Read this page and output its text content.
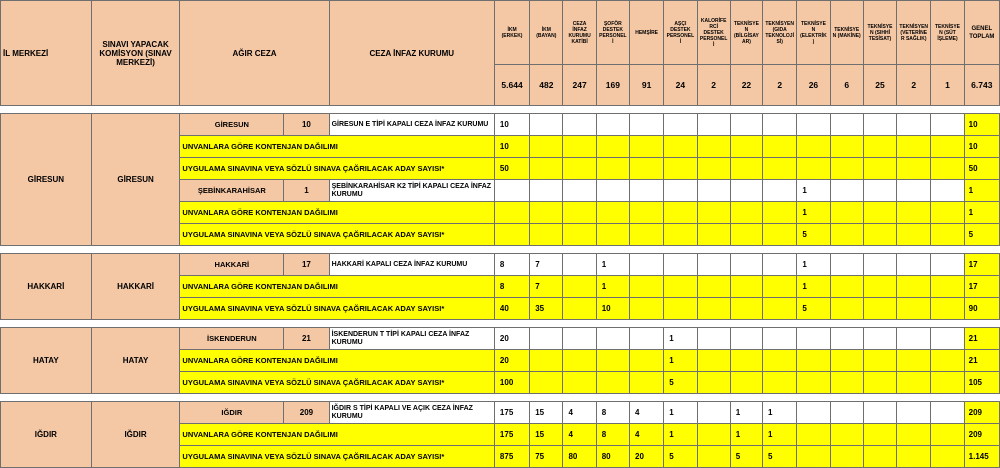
İL MERKEZİ	SINAVI YAPACAK KOMİSYON (SINAV MERKEZİ)	AĞIR CEZA		CEZA İNFAZ KURUMU	İKM (ERKEK)	İKM (BAYAN)	CEZA İNFAZ KURUMU KATİBİ	ŞOFÖR DESTEK PERSONELİ	HEMŞİRE	AŞÇI DESTEK PERSONELİ	KALORİFERCİ DESTEK PERSONELİ	TEKNİSYEN (BİLGİSAYAR)	TEKNİSYEN (GIDA TEKNOLOJİSİ)	TEKNİSYEN (ELEKTRİK)	TEKNİSYEN (MAKİNE)	TEKNİSYEN (SIHHİ TESİSAT)	TEKNİSYEN (VETERİNER SAĞLIK)	TEKNİSYEN (SÜT İŞLEME)	GENEL TOPLAM
					5.644	482	247	169	91	24	2	22	2	26	6	25	2	1	6.743

GİRESUN	GİRESUN	GİRESUN	10	GİRESUN E TİPİ KAPALI CEZA İNFAZ KURUMU	10														10
		UNVANLARA GÖRE KONTENJAN DAĞILIMI			10														10
		UYGULAMA SINAVINA VEYA SÖZLÜ SINAVA ÇAĞRILACAK ADAY SAYISI*			50														50
		ŞEBİNKARAHİSAR	1	ŞEBİNKARAHİSAR K2 TİPİ KAPALI CEZA İNFAZ KURUMU										1					1
		UNVANLARA GÖRE KONTENJAN DAĞILIMI												1					1
		UYGULAMA SINAVINA VEYA SÖZLÜ SINAVA ÇAĞRILACAK ADAY SAYISI*												5					5

HAKKARİ	HAKKARİ	HAKKARİ	17	HAKKARİ KAPALI CEZA İNFAZ KURUMU	8	7		1						1					17
		UNVANLARA GÖRE KONTENJAN DAĞILIMI			8	7		1						1					17
		UYGULAMA SINAVINA VEYA SÖZLÜ SINAVA ÇAĞRILACAK ADAY SAYISI*			40	35		10						5					90

HATAY	HATAY	İSKENDERUN	21	İSKENDERUN T TİPİ KAPALI CEZA İNFAZ KURUMU	20					1									21
		UNVANLARA GÖRE KONTENJAN DAĞILIMI			20					1									21
		UYGULAMA SINAVINA VEYA SÖZLÜ SINAVA ÇAĞRILACAK ADAY SAYISI*			100					5									105

IĞDIR	IĞDIR	IĞDIR	209	IĞDIR S TİPİ KAPALI VE AÇIK CEZA İNFAZ KURUMU	175	15	4	8	4	1		1	1						209
		UNVANLARA GÖRE KONTENJAN DAĞILIMI			175	15	4	8	4	1		1	1						209
		UYGULAMA SINAVINA VEYA SÖZLÜ SINAVA ÇAĞRILACAK ADAY SAYISI*			875	75	80	80	20	5		5	5						1.145
